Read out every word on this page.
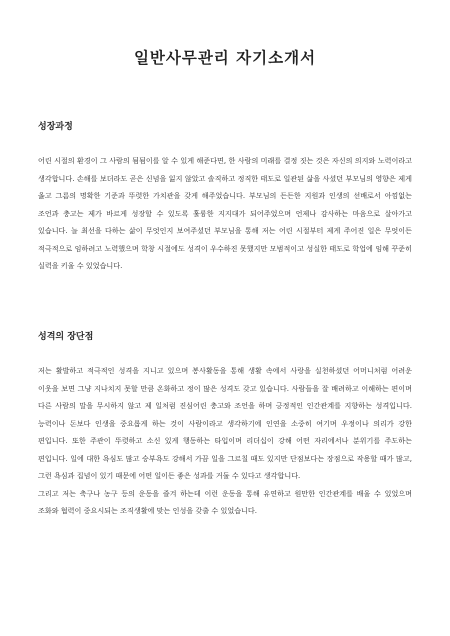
일반사무관리 자기소개서
성장과정

어린 시절의 환경이 그 사람의 됨됨이를 알 수 있게 해준다면, 한 사람의 미래를 결정 짓는 것은 자신의 의지와 노력이라고 생각합니다. 손해를 보더라도 곧은 신념을 잃지 않았고 솔직하고 정직한 태도로 일관된 삶을 사셨던 부모님의 영향은 제게 옳고 그름의 명확한 기준과 뚜렷한 가치관을 갖게 해주었습니다. 부모님의 든든한 지원과 인생의 선배로서 아낌없는 조언과 충고는 제가 바르게 성장할 수 있도록 훌륭한 지지대가 되어주었으며 언제나 감사하는 마음으로 살아가고 있습니다. 늘 최선을 다하는 삶이 무엇인지 보여주셨던 부모님을 통해 저는 어린 시절부터 제게 주어진 일은 무엇이든 적극적으로 임하려고 노력했으며 학창 시절에도 성격이 우수하진 못했지만 모범적이고 성실한 태도로 학업에 임해 꾸준히 실력을 키울 수 있었습니다.

성격의 장단점

저는 활발하고 적극적인 성격을 지니고 있으며 봉사활동을 통해 생활 속에서 사랑을 실천하셨던 어머니처럼 어려운 이웃을 보면 그냥 지나치지 못할 만큼 온화하고 정이 많은 성격도 갖고 있습니다. 사람들을 잘 배려하고 이해하는 편이며 다른 사람의 말을 무시하지 않고 제 일처럼 진심어린 충고와 조언을 하며 긍정적인 인간관계를 지향하는 성격입니다. 능력이나 돈보다 인생을 중요롭게 하는 것이 사람이라고 생각하기에 인연을 소중히 여기며 우정이나 의리가 강한 편입니다. 또한 주관이 뚜렷하고 소신 있게 행동하는 타입이며 리더십이 강해 어떤 자리에서나 분위기를 주도하는 편입니다. 일에 대한 욕심도 많고 승부욕도 강해서 가끔 일을 그르칠 때도 있지만 단점보다는 장점으로 작용할 때가 많고, 그런 욕심과 집념이 있기 때문에 어떤 일이든 좋은 성과를 거둘 수 있다고 생각합니다.

그리고 저는 축구나 농구 등의 운동을 즐겨 하는데 이런 운동을 통해 유연하고 원만한 인간관계를 배울 수 있었으며 조화와 협력이 중요시되는 조직생활에 맞는 인성을 갖출 수 있었습니다.
